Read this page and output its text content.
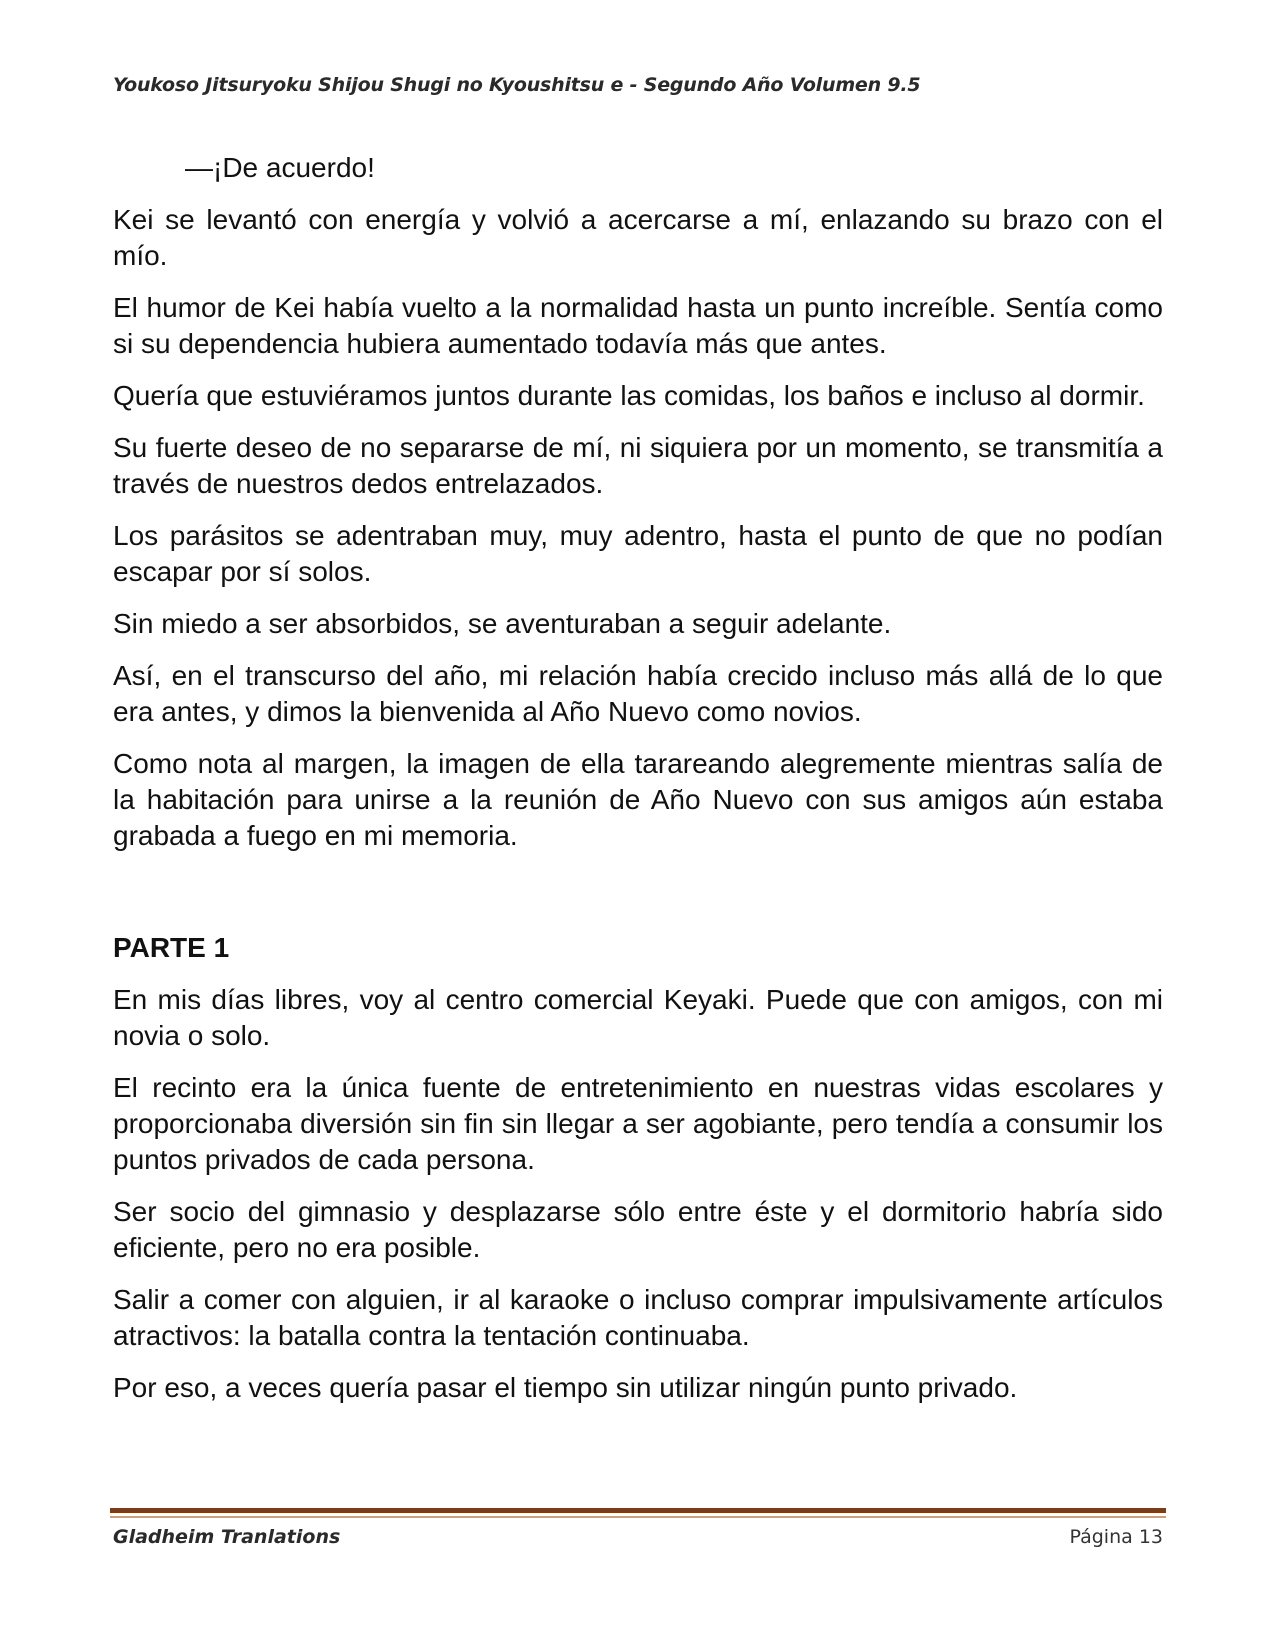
Youkoso Jitsuryoku Shijou Shugi no Kyoushitsu e - Segundo Año Volumen 9.5

—¡De acuerdo!

Kei se levantó con energía y volvió a acercarse a mí, enlazando su brazo con el mío.

El humor de Kei había vuelto a la normalidad hasta un punto increíble. Sentía como si su dependencia hubiera aumentado todavía más que antes.

Quería que estuviéramos juntos durante las comidas, los baños e incluso al dormir.

Su fuerte deseo de no separarse de mí, ni siquiera por un momento, se transmitía a través de nuestros dedos entrelazados.

Los parásitos se adentraban muy, muy adentro, hasta el punto de que no podían escapar por sí solos.

Sin miedo a ser absorbidos, se aventuraban a seguir adelante.

Así, en el transcurso del año, mi relación había crecido incluso más allá de lo que era antes, y dimos la bienvenida al Año Nuevo como novios.

Como nota al margen, la imagen de ella tarareando alegremente mientras salía de la habitación para unirse a la reunión de Año Nuevo con sus amigos aún estaba grabada a fuego en mi memoria.

PARTE 1

En mis días libres, voy al centro comercial Keyaki. Puede que con amigos, con mi novia o solo.

El recinto era la única fuente de entretenimiento en nuestras vidas escolares y proporcionaba diversión sin fin sin llegar a ser agobiante, pero tendía a consumir los puntos privados de cada persona.

Ser socio del gimnasio y desplazarse sólo entre éste y el dormitorio habría sido eficiente, pero no era posible.

Salir a comer con alguien, ir al karaoke o incluso comprar impulsivamente artículos atractivos: la batalla contra la tentación continuaba.

Por eso, a veces quería pasar el tiempo sin utilizar ningún punto privado.

Gladheim Tranlations	Página 13
